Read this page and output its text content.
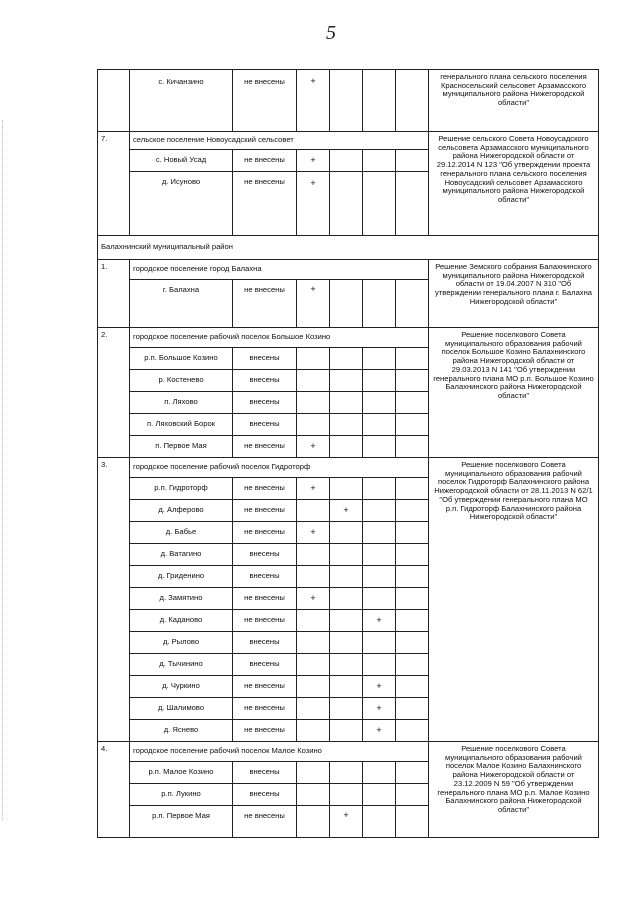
5
	с. Кичанзино	не внесены	+				генерального плана сельского поселения Красносельский сельсовет Арзамасского муниципального района Нижегородской области"
7.	сельское поселение Новоусадский сельсовет						Решение сельского Совета Новоусадского сельсовета Арзамасского муниципального района Нижегородской области от 29.12.2014 N 123 "Об утверждении проекта генерального плана сельского поселения Новоусадский сельсовет Арзамасского муниципального района Нижегородской области"
	с. Новый Усад	не внесены	+				
	д. Исуново	не внесены	+				
Балахнинский муниципальный район							
1.	городское поселение город Балахна						Решение Земского собрания Балахнинского муниципального района Нижегородской области от 19.04.2007 N 310 "Об утверждении генерального плана г. Балахна Нижегородской области"
	г. Балахна	не внесены	+				
2.	городское поселение рабочий поселок Большое Козино						Решение поселкового Совета муниципального образования рабочий поселок Большое Козино Балахнинского района Нижегородской области от 29.03.2013 N 141 "Об утверждении генерального плана МО р.п. Большое Козино Балахнинского района Нижегородской области"
	р.п. Большое Козино	внесены					
	р. Костенево	внесены					
	п. Ляхово	внесены					
	п. Ляховский Борок	внесены					
	п. Первое Мая	не внесены	+				
3.	городское поселение рабочий поселок Гидроторф						Решение поселкового Совета муниципального образования рабочий поселок Гидроторф Балахнинского района Нижегородской области от 28.11.2013 N 62/1 "Об утверждении генерального плана МО р.п. Гидроторф Балахнинского района Нижегородской области"
	р.п. Гидроторф	не внесены	+				
	д. Алферово	не внесены		+			
	д. Бабье	не внесены	+				
	д. Ватагино	внесены					
	д. Гриденино	внесены					
	д. Замятино	не внесены	+				
	д. Каданово	не внесены			+		
	д. Рылово	внесены					
	д. Тычинино	внесены					
	д. Чуркино	не внесены			+		
	д. Шалимово	не внесены			+		
	д. Яснево	не внесены			+		
4.	городское поселение рабочий поселок Малое Козино						Решение поселкового Совета муниципального образования рабочий поселок Малое Козино Балахнинского района Нижегородской области от 23.12.2009 N 59 "Об утверждении генерального плана МО р.п. Малое Козино Балахнинского района Нижегородской области"
	р.п. Малое Козино	внесены					
	р.п. Лукино	внесены					
	р.п. Первое Мая	не внесены		+			
